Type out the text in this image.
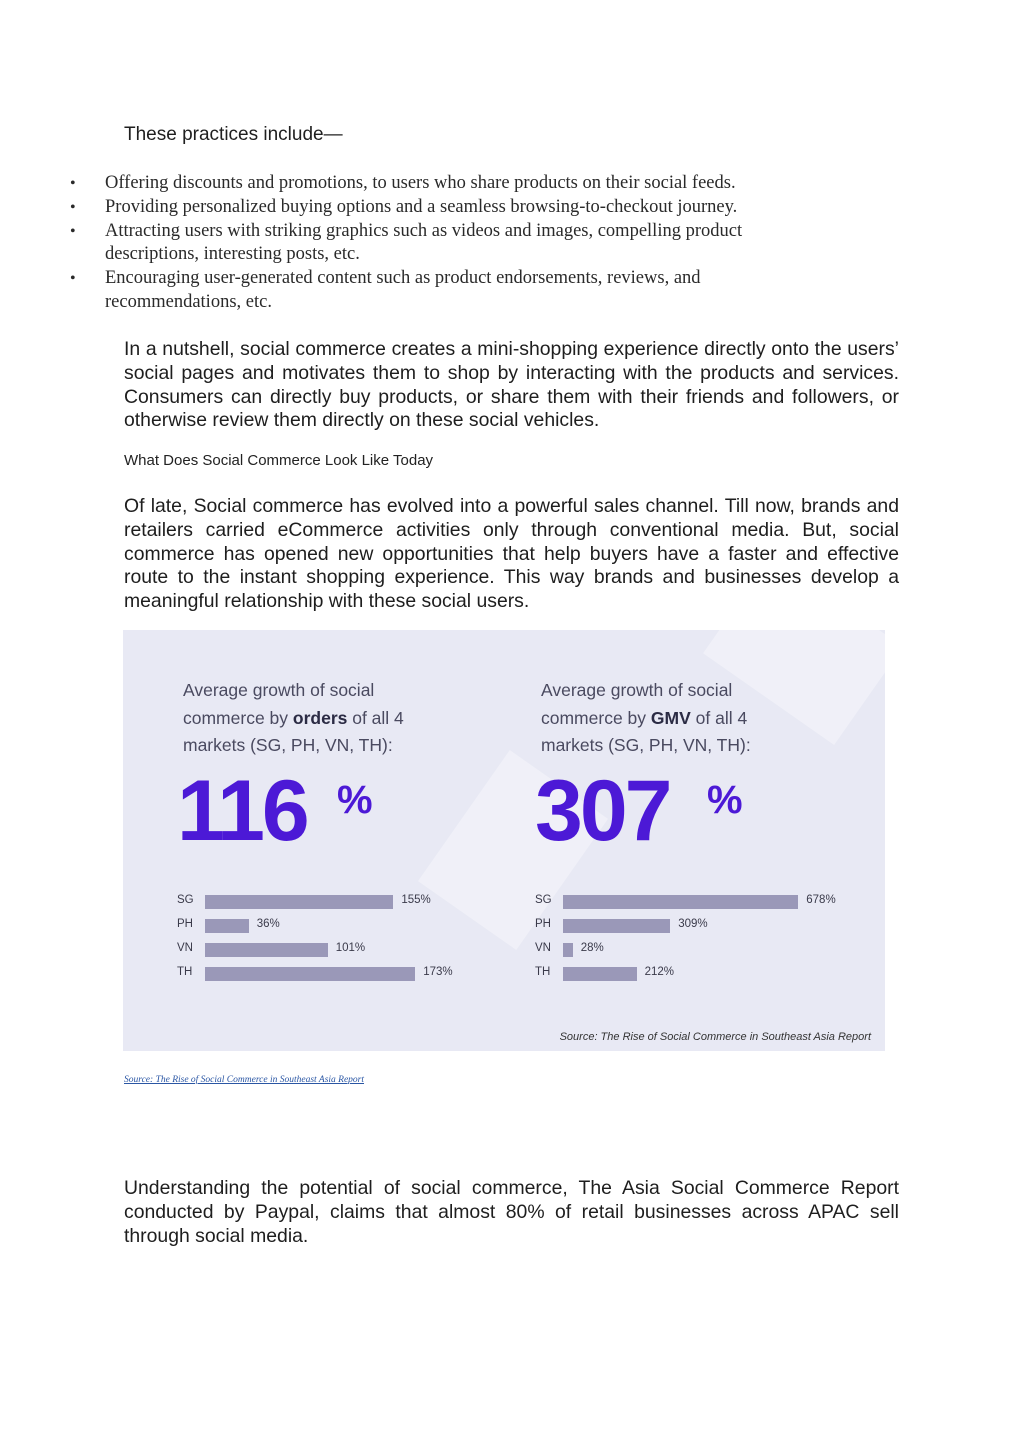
These practices include—
• Offering discounts and promotions, to users who share products on their social feeds.
• Providing personalized buying options and a seamless browsing-to-checkout journey.
• Attracting users with striking graphics such as videos and images, compelling product descriptions, interesting posts, etc.
• Encouraging user-generated content such as product endorsements, reviews, and recommendations, etc.

In a nutshell, social commerce creates a mini-shopping experience directly onto the users’ social pages and motivates them to shop by interacting with the products and services. Consumers can directly buy products, or share them with their friends and followers, or otherwise review them directly on these social vehicles.

What Does Social Commerce Look Like Today

Of late, Social commerce has evolved into a powerful sales channel. Till now, brands and retailers carried eCommerce activities only through conventional media. But, social commerce has opened new opportunities that help buyers have a faster and effective route to the instant shopping experience. This way brands and businesses develop a meaningful relationship with these social users.

Average growth of social commerce by orders of all 4 markets (SG, PH, VN, TH):
116 %
SG	155%
PH	36%
VN	101%
TH	173%
Average growth of social commerce by GMV of all 4 markets (SG, PH, VN, TH):
307 %
SG	678%
PH	309%
VN	28%
TH	212%
Source: The Rise of Social Commerce in Southeast Asia Report
Source: The Rise of Social Commerce in Southeast Asia Report

Understanding the potential of social commerce, The Asia Social Commerce Report conducted by Paypal, claims that almost 80% of retail businesses across APAC sell through social media.
